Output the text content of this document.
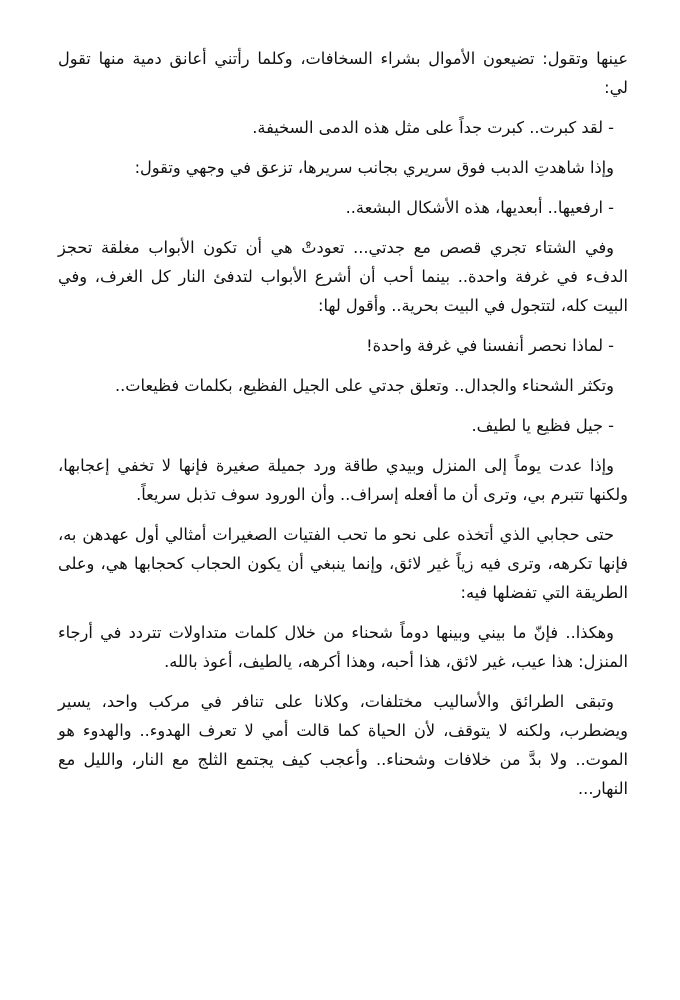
عينها وتقول: تضيعون الأموال بشراء السخافات، وكلما رأتني أعانق دمية منها تقول لي:

- لقد كبرت.. كبرت جداً على مثل هذه الدمى السخيفة.

وإذا شاهدتِ الدبب فوق سريري بجانب سريرها، تزعق في وجهي وتقول:

- ارفعيها.. أبعديها، هذه الأشكال البشعة..

وفي الشتاء تجري قصص مع جدتي... تعودتْ هي أن تكون الأبواب مغلقة تحجز الدفء في غرفة واحدة.. بينما أحب أن أشرع الأبواب لتدفئ النار كل الغرف، وفي البيت كله، لتتجول في البيت بحرية.. وأقول لها:

- لماذا نحصر أنفسنا في غرفة واحدة!

وتكثر الشحناء والجدال.. وتعلق جدتي على الجيل الفظيع، بكلمات فظيعات..

- جيل فظيع يا لطيف.

وإذا عدت يوماً إلى المنزل وبيدي طاقة ورد جميلة صغيرة فإنها لا تخفي إعجابها، ولكنها تتبرم بي، وترى أن ما أفعله إسراف.. وأن الورود سوف تذبل سريعاً.

حتى حجابي الذي أتخذه على نحو ما تحب الفتيات الصغيرات أمثالي أول عهدهن به، فإنها تكرهه، وترى فيه زياً غير لائق، وإنما ينبغي أن يكون الحجاب كحجابها هي، وعلى الطريقة التي تفضلها فيه:

وهكذا.. فإنّ ما بيني وبينها دوماً شحناء من خلال كلمات متداولات تتردد في أرجاء المنزل: هذا عيب، غير لائق، هذا أحبه، وهذا أكرهه، يالطيف، أعوذ بالله.

وتبقى الطرائق والأساليب مختلفات، وكلانا على تنافر في مركب واحد، يسير ويضطرب، ولكنه لا يتوقف، لأن الحياة كما قالت أمي لا تعرف الهدوء.. والهدوء هو الموت.. ولا بدَّ من خلافات وشحناء.. وأعجب كيف يجتمع الثلج مع النار، والليل مع النهار...
